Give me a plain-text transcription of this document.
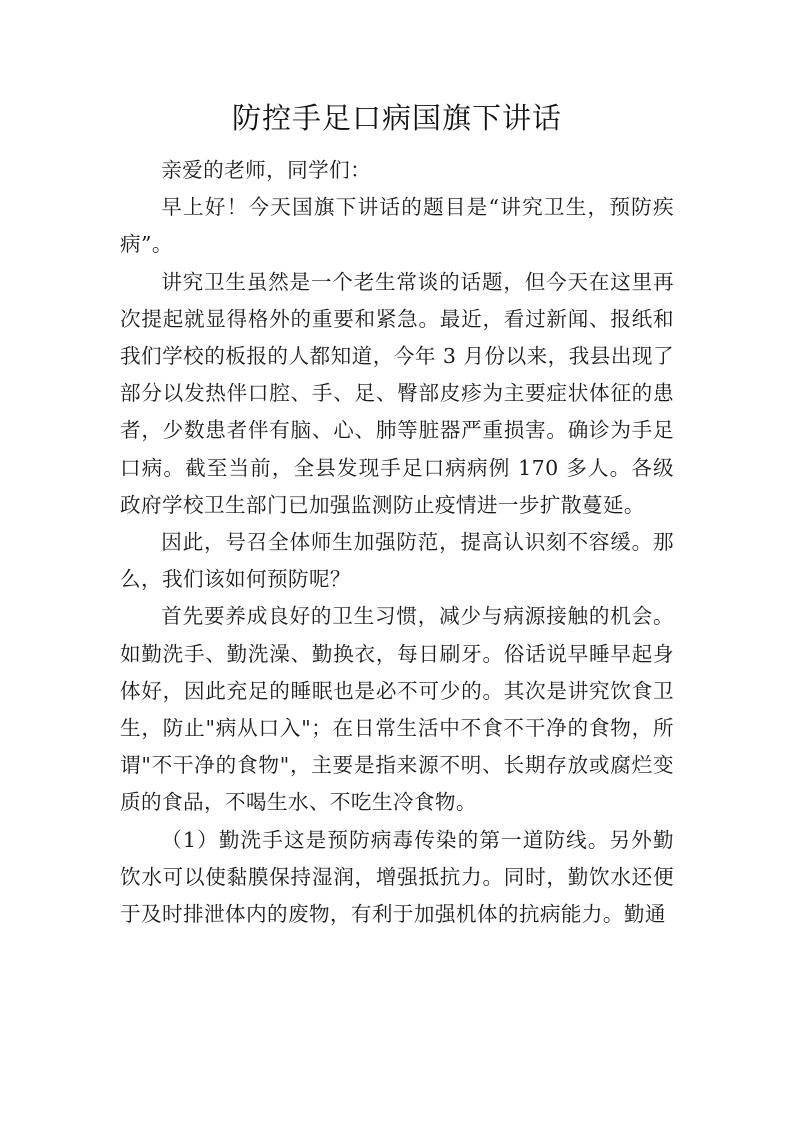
防控手足口病国旗下讲话

亲爱的老师，同学们：

早上好！今天国旗下讲话的题目是“讲究卫生，预防疾病”。

讲究卫生虽然是一个老生常谈的话题，但今天在这里再次提起就显得格外的重要和紧急。最近，看过新闻、报纸和我们学校的板报的人都知道，今年 3 月份以来，我县出现了部分以发热伴口腔、手、足、臀部皮疹为主要症状体征的患者，少数患者伴有脑、心、肺等脏器严重损害。确诊为手足口病。截至当前，全县发现手足口病病例 170 多人。各级政府学校卫生部门已加强监测防止疫情进一步扩散蔓延。

因此，号召全体师生加强防范，提高认识刻不容缓。那么，我们该如何预防呢？

首先要养成良好的卫生习惯，减少与病源接触的机会。如勤洗手、勤洗澡、勤换衣，每日刷牙。俗话说早睡早起身体好，因此充足的睡眠也是必不可少的。其次是讲究饮食卫生，防止"病从口入"；在日常生活中不食不干净的食物，所谓"不干净的食物"，主要是指来源不明、长期存放或腐烂变质的食品，不喝生水、不吃生冷食物。

（1）勤洗手这是预防病毒传染的第一道防线。另外勤饮水可以使黏膜保持湿润，增强抵抗力。同时，勤饮水还便于及时排泄体内的废物，有利于加强机体的抗病能力。勤通
